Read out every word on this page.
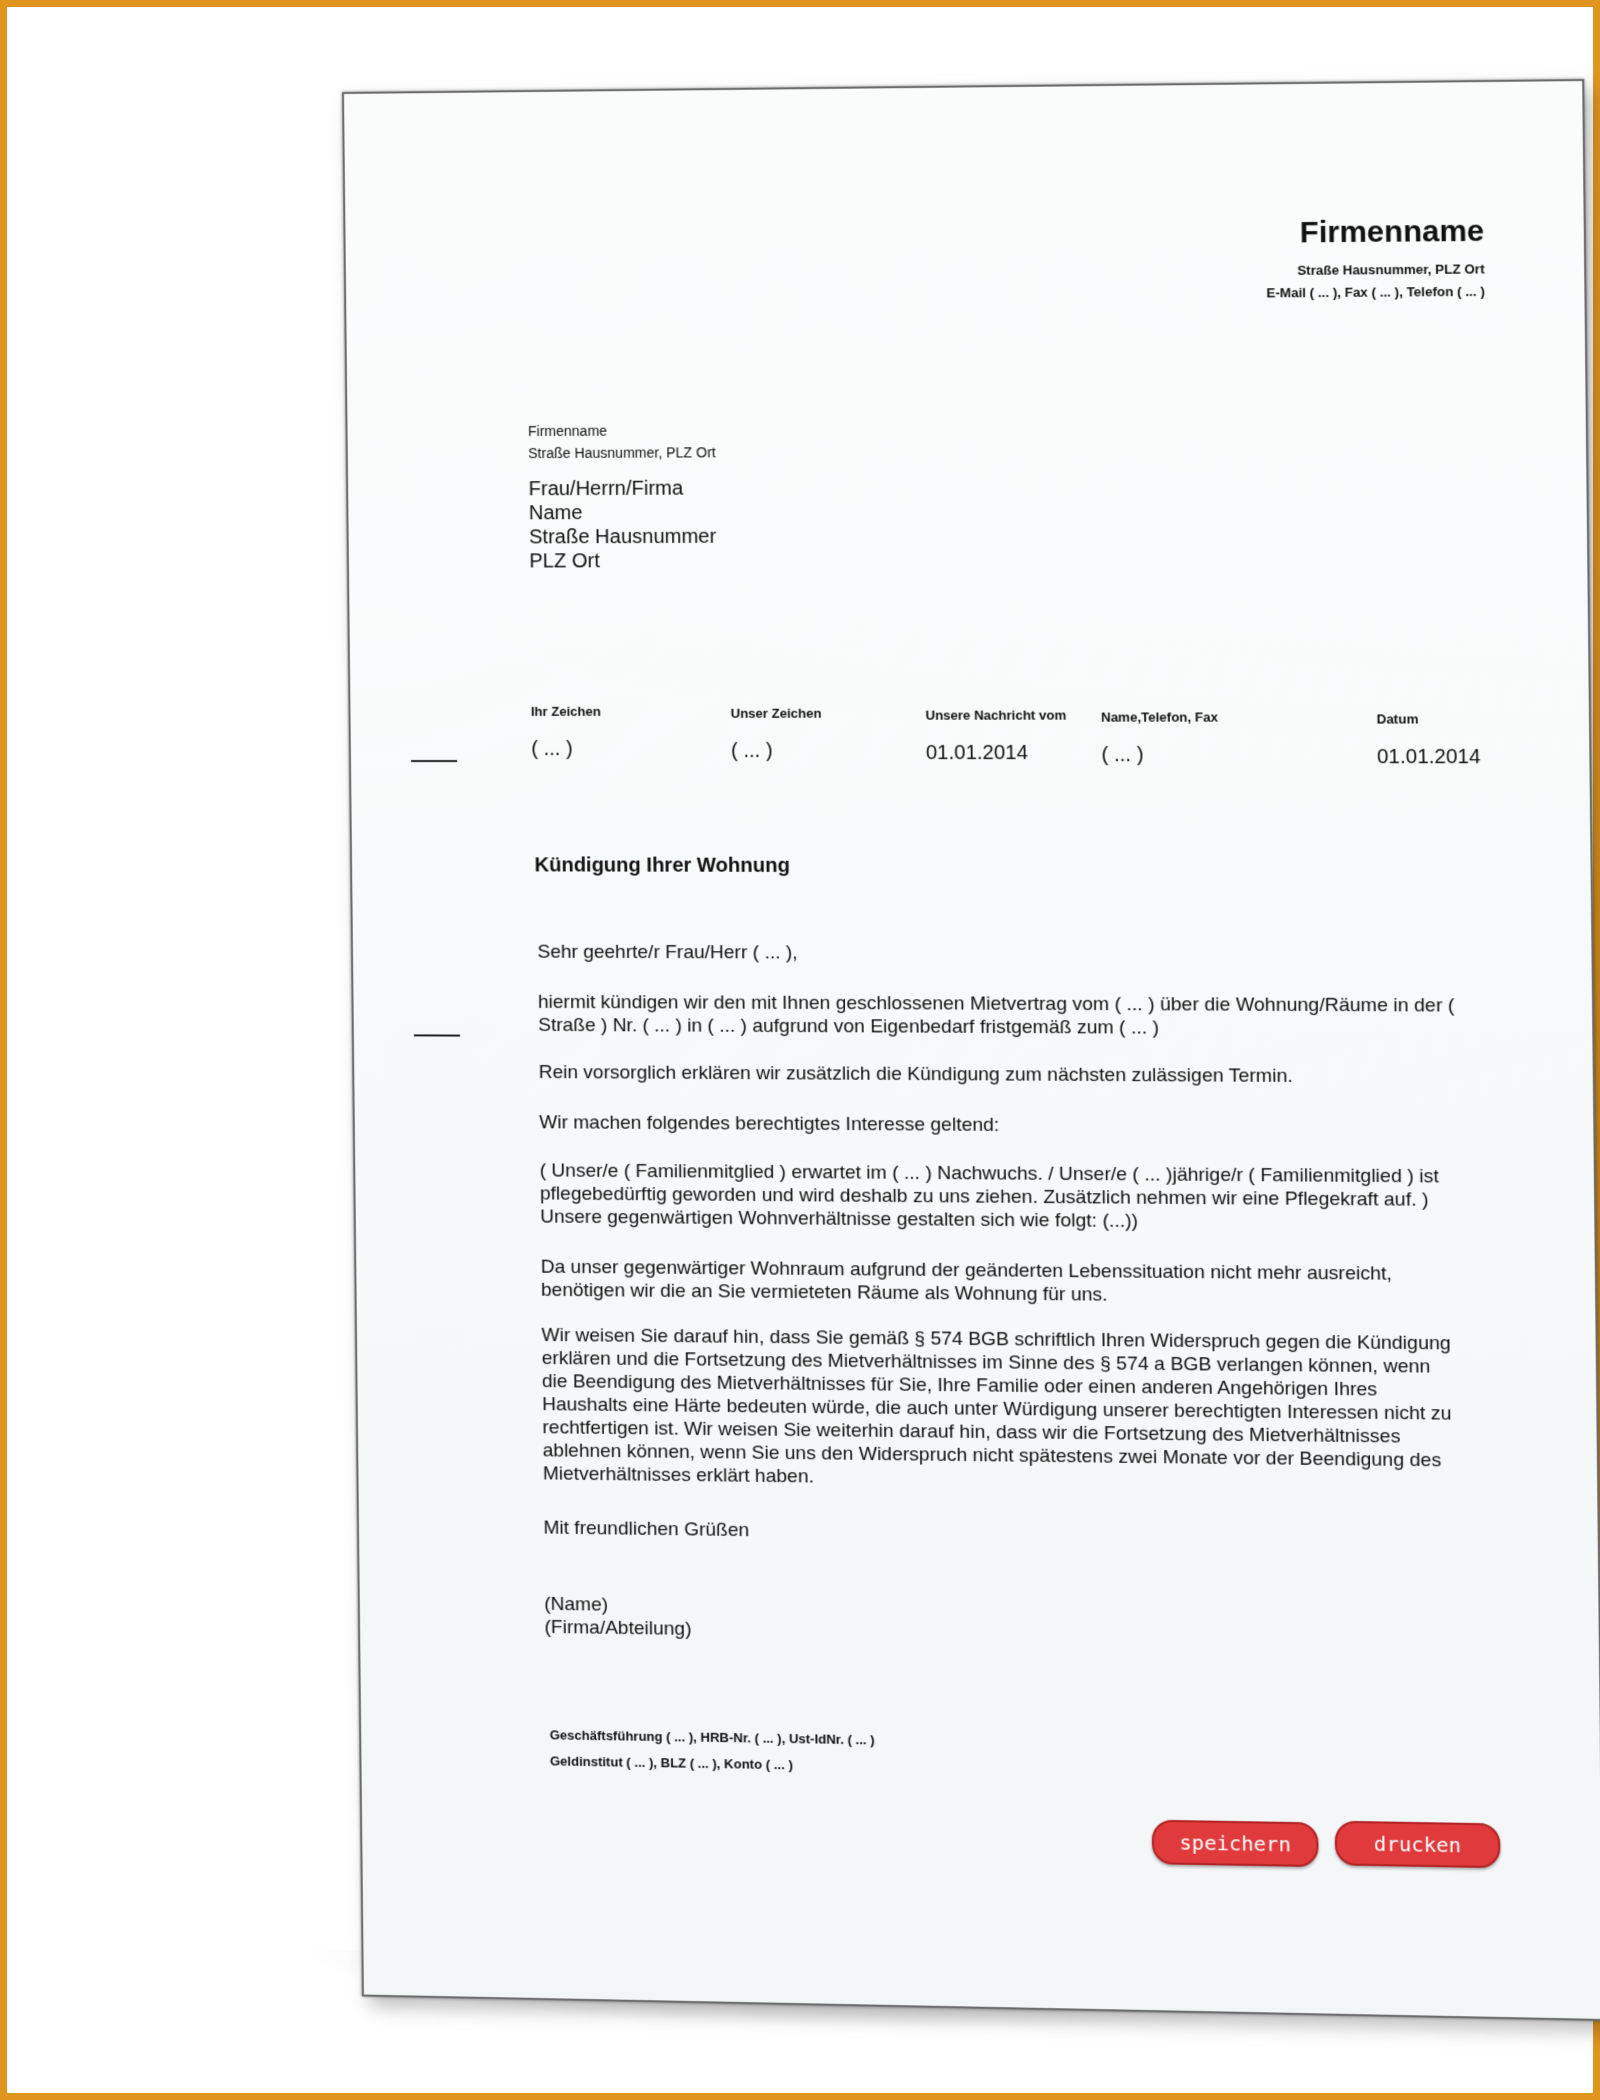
Firmenname
Straße Hausnummer, PLZ Ort
E-Mail ( ... ), Fax ( ... ), Telefon ( ... )
Firmenname
Straße Hausnummer, PLZ Ort
Frau/Herrn/Firma
Name
Straße Hausnummer
PLZ Ort
Ihr Zeichen
( ... )
Unser Zeichen
( ... )
Unsere Nachricht vom
01.01.2014
Name,Telefon, Fax
( ... )
Datum
01.01.2014
Kündigung Ihrer Wohnung
Sehr geehrte/r Frau/Herr ( ... ),
hiermit kündigen wir den mit Ihnen geschlossenen Mietvertrag vom ( ... ) über die Wohnung/Räume in der ( Straße ) Nr. ( ... ) in ( ... ) aufgrund von Eigenbedarf fristgemäß zum ( ... )
Rein vorsorglich erklären wir zusätzlich die Kündigung zum nächsten zulässigen Termin.
Wir machen folgendes berechtigtes Interesse geltend:
( Unser/e ( Familienmitglied ) erwartet im ( ... ) Nachwuchs. / Unser/e ( ... )jährige/r ( Familienmitglied ) ist pflegebedürftig geworden und wird deshalb zu uns ziehen. Zusätzlich nehmen wir eine Pflegekraft auf. ) Unsere gegenwärtigen Wohnverhältnisse gestalten sich wie folgt: (...))
Da unser gegenwärtiger Wohnraum aufgrund der geänderten Lebenssituation nicht mehr ausreicht, benötigen wir die an Sie vermieteten Räume als Wohnung für uns.
Wir weisen Sie darauf hin, dass Sie gemäß § 574 BGB schriftlich Ihren Widerspruch gegen die Kündigung erklären und die Fortsetzung des Mietverhältnisses im Sinne des § 574 a BGB verlangen können, wenn die Beendigung des Mietverhältnisses für Sie, Ihre Familie oder einen anderen Angehörigen Ihres Haushalts eine Härte bedeuten würde, die auch unter Würdigung unserer berechtigten Interessen nicht zu rechtfertigen ist. Wir weisen Sie weiterhin darauf hin, dass wir die Fortsetzung des Mietverhältnisses ablehnen können, wenn Sie uns den Widerspruch nicht spätestens zwei Monate vor der Beendigung des Mietverhältnisses erklärt haben.
Mit freundlichen Grüßen
(Name)
(Firma/Abteilung)
Geschäftsführung ( ... ), HRB-Nr. ( ... ), Ust-IdNr. ( ... )
Geldinstitut ( ... ), BLZ ( ... ), Konto ( ... )
speichern	drucken
